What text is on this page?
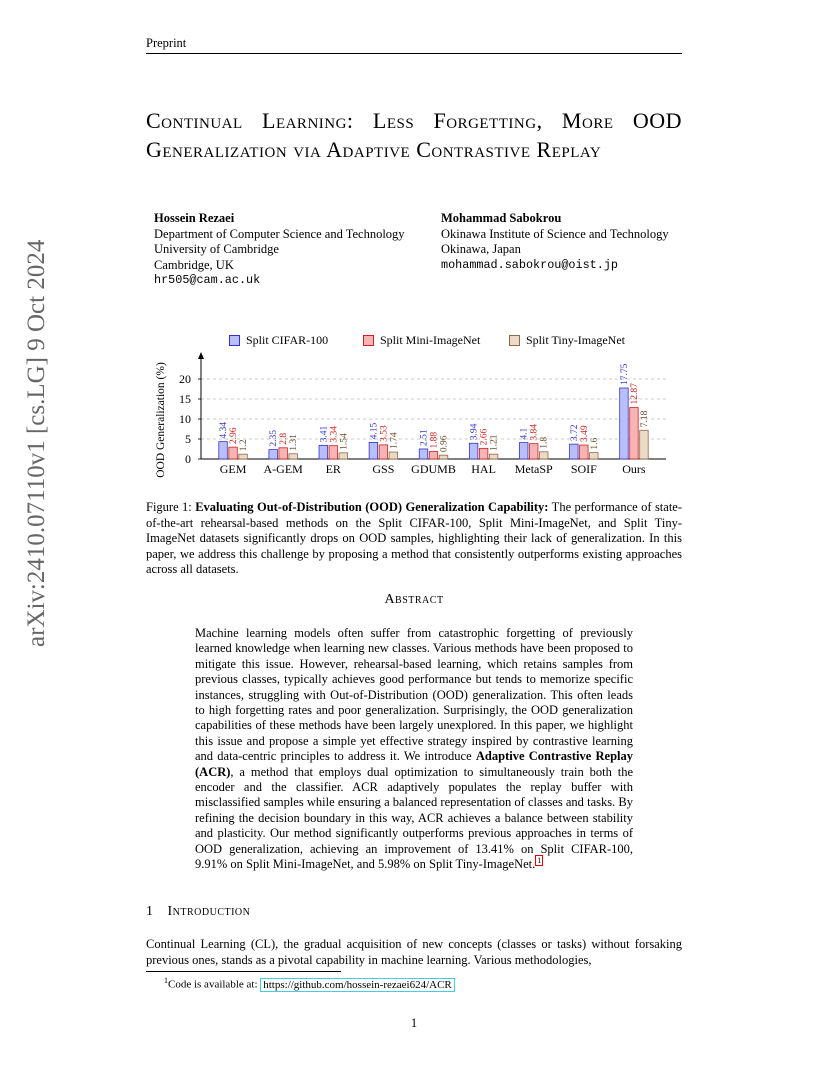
Preprint
arXiv:2410.07110v1 [cs.LG] 9 Oct 2024
Continual Learning: Less Forgetting, More OOD Generalization via Adaptive Contrastive Replay
Hossein Rezaei
Department of Computer Science and Technology
University of Cambridge
Cambridge, UK
hr505@cam.ac.uk
Mohammad Sabokrou
Okinawa Institute of Science and Technology
Okinawa, Japan
mohammad.sabokrou@oist.jp
Split CIFAR-100	Split Mini-ImageNet	Split Tiny-ImageNet
0
5
10
15
20
OOD Generalization (%)	4.34 2.96
1.2
GEM
2.35 2.8 1.31
A-GEM
3.41 3.34 1.54
ER
4.15 3.53 1.74
GSS
2.51 1.88 0.96
GDUMB
3.94 2.66 1.21
HAL
4.1 3.84
1.8
MetaSP
3.72 3.49
1.6
SOIF
17.75
12.87
7.18
Ours
Figure 1: Evaluating Out-of-Distribution (OOD) Generalization Capability: The performance of state-of-the-art rehearsal-based methods on the Split CIFAR-100, Split Mini-ImageNet, and Split Tiny-ImageNet datasets significantly drops on OOD samples, highlighting their lack of generalization. In this paper, we address this challenge by proposing a method that consistently outperforms existing approaches across all datasets.
Abstract
Machine learning models often suffer from catastrophic forgetting of previously learned knowledge when learning new classes. Various methods have been proposed to mitigate this issue. However, rehearsal-based learning, which retains samples from previous classes, typically achieves good performance but tends to memorize specific instances, struggling with Out-of-Distribution (OOD) generalization. This often leads to high forgetting rates and poor generalization. Surprisingly, the OOD generalization capabilities of these methods have been largely unexplored. In this paper, we highlight this issue and propose a simple yet effective strategy inspired by contrastive learning and data-centric principles to address it. We introduce Adaptive Contrastive Replay (ACR), a method that employs dual optimization to simultaneously train both the encoder and the classifier. ACR adaptively populates the replay buffer with misclassified samples while ensuring a balanced representation of classes and tasks. By refining the decision boundary in this way, ACR achieves a balance between stability and plasticity. Our method significantly outperforms previous approaches in terms of OOD generalization, achieving an improvement of 13.41% on Split CIFAR-100, 9.91% on Split Mini-ImageNet, and 5.98% on Split Tiny-ImageNet. $^1$
1 Introduction
Continual Learning (CL), the gradual acquisition of new concepts (classes or tasks) without forsaking previous ones, stands as a pivotal capability in machine learning. Various methodologies,
$^1$Code is available at: https://github.com/hossein-rezaei624/ACR
1
